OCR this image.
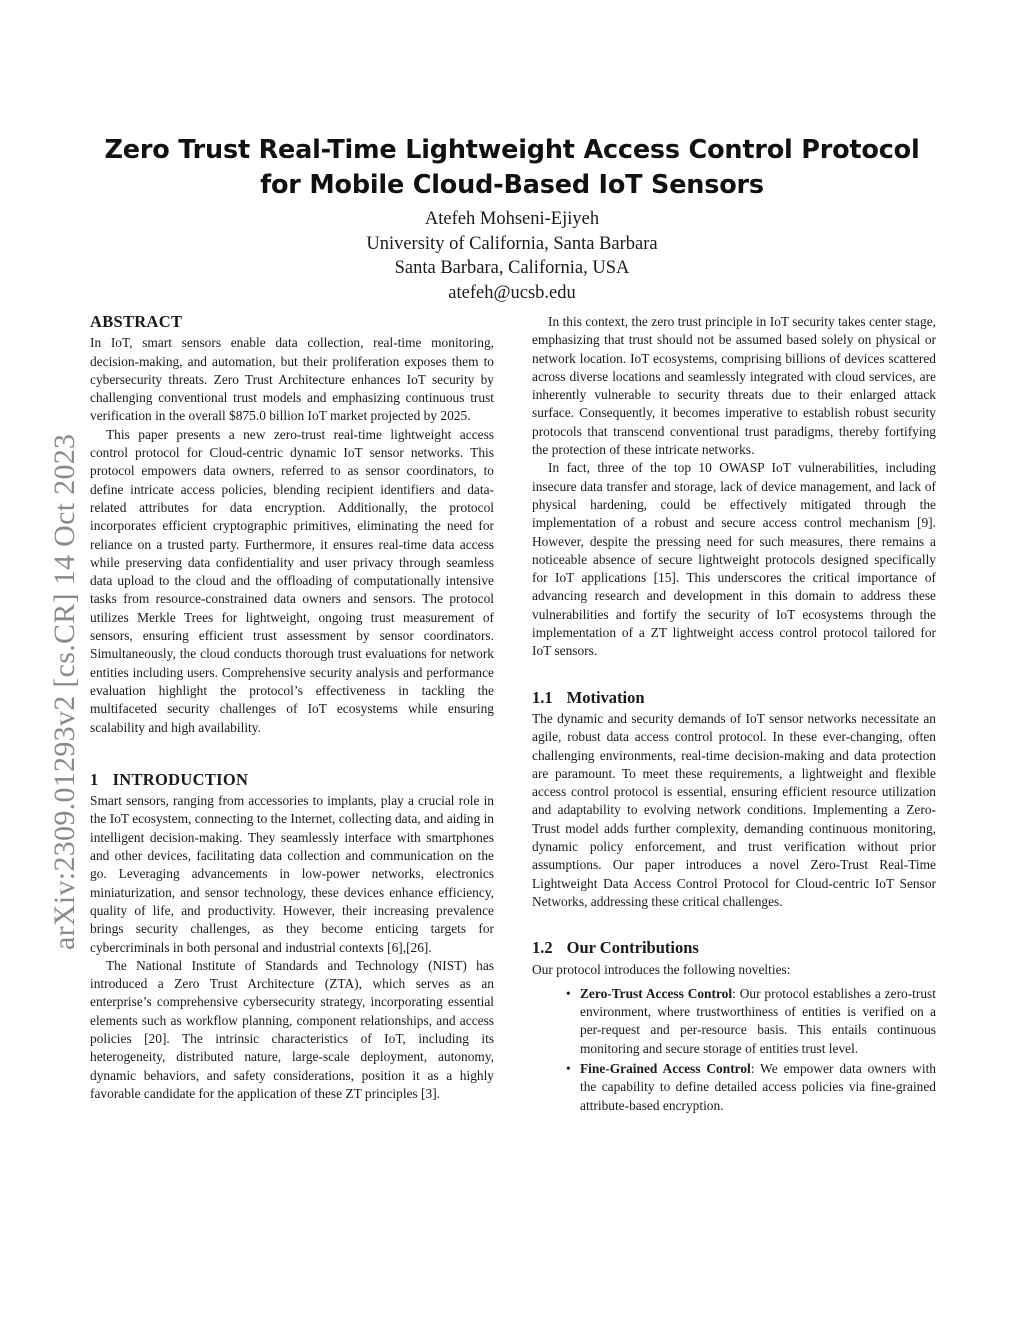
arXiv:2309.01293v2 [cs.CR] 14 Oct 2023
Zero Trust Real-Time Lightweight Access Control Protocol for Mobile Cloud-Based IoT Sensors
Atefeh Mohseni-Ejiyeh
University of California, Santa Barbara
Santa Barbara, California, USA
atefeh@ucsb.edu
ABSTRACT

In IoT, smart sensors enable data collection, real-time monitoring, decision-making, and automation, but their proliferation exposes them to cybersecurity threats. Zero Trust Architecture enhances IoT security by challenging conventional trust models and emphasizing continuous trust verification in the overall $875.0 billion IoT market projected by 2025.

This paper presents a new zero-trust real-time lightweight access control protocol for Cloud-centric dynamic IoT sensor networks. This protocol empowers data owners, referred to as sensor coordinators, to define intricate access policies, blending recipient identifiers and data-related attributes for data encryption. Additionally, the protocol incorporates efficient cryptographic primitives, eliminating the need for reliance on a trusted party. Furthermore, it ensures real-time data access while preserving data confidentiality and user privacy through seamless data upload to the cloud and the offloading of computationally intensive tasks from resource-constrained data owners and sensors. The protocol utilizes Merkle Trees for lightweight, ongoing trust measurement of sensors, ensuring efficient trust assessment by sensor coordinators. Simultaneously, the cloud conducts thorough trust evaluations for network entities including users. Comprehensive security analysis and performance evaluation highlight the protocol’s effectiveness in tackling the multifaceted security challenges of IoT ecosystems while ensuring scalability and high availability.

1 INTRODUCTION

Smart sensors, ranging from accessories to implants, play a crucial role in the IoT ecosystem, connecting to the Internet, collecting data, and aiding in intelligent decision-making. They seamlessly interface with smartphones and other devices, facilitating data collection and communication on the go. Leveraging advancements in low-power networks, electronics miniaturization, and sensor technology, these devices enhance efficiency, quality of life, and productivity. However, their increasing prevalence brings security challenges, as they become enticing targets for cybercriminals in both personal and industrial contexts [6],[26].

The National Institute of Standards and Technology (NIST) has introduced a Zero Trust Architecture (ZTA), which serves as an enterprise’s comprehensive cybersecurity strategy, incorporating essential elements such as workflow planning, component relationships, and access policies [20]. The intrinsic characteristics of IoT, including its heterogeneity, distributed nature, large-scale deployment, autonomy, dynamic behaviors, and safety considerations, position it as a highly favorable candidate for the application of these ZT principles [3].

In this context, the zero trust principle in IoT security takes center stage, emphasizing that trust should not be assumed based solely on physical or network location. IoT ecosystems, comprising billions of devices scattered across diverse locations and seamlessly integrated with cloud services, are inherently vulnerable to security threats due to their enlarged attack surface. Consequently, it becomes imperative to establish robust security protocols that transcend conventional trust paradigms, thereby fortifying the protection of these intricate networks.

In fact, three of the top 10 OWASP IoT vulnerabilities, including insecure data transfer and storage, lack of device management, and lack of physical hardening, could be effectively mitigated through the implementation of a robust and secure access control mechanism [9]. However, despite the pressing need for such measures, there remains a noticeable absence of secure lightweight protocols designed specifically for IoT applications [15]. This underscores the critical importance of advancing research and development in this domain to address these vulnerabilities and fortify the security of IoT ecosystems through the implementation of a ZT lightweight access control protocol tailored for IoT sensors.

1.1 Motivation

The dynamic and security demands of IoT sensor networks necessitate an agile, robust data access control protocol. In these ever-changing, often challenging environments, real-time decision-making and data protection are paramount. To meet these requirements, a lightweight and flexible access control protocol is essential, ensuring efficient resource utilization and adaptability to evolving network conditions. Implementing a Zero-Trust model adds further complexity, demanding continuous monitoring, dynamic policy enforcement, and trust verification without prior assumptions. Our paper introduces a novel Zero-Trust Real-Time Lightweight Data Access Control Protocol for Cloud-centric IoT Sensor Networks, addressing these critical challenges.

1.2 Our Contributions

Our protocol introduces the following novelties:

• Zero-Trust Access Control: Our protocol establishes a zero-trust environment, where trustworthiness of entities is verified on a per-request and per-resource basis. This entails continuous monitoring and secure storage of entities trust level.
• Fine-Grained Access Control: We empower data owners with the capability to define detailed access policies via fine-grained attribute-based encryption.
